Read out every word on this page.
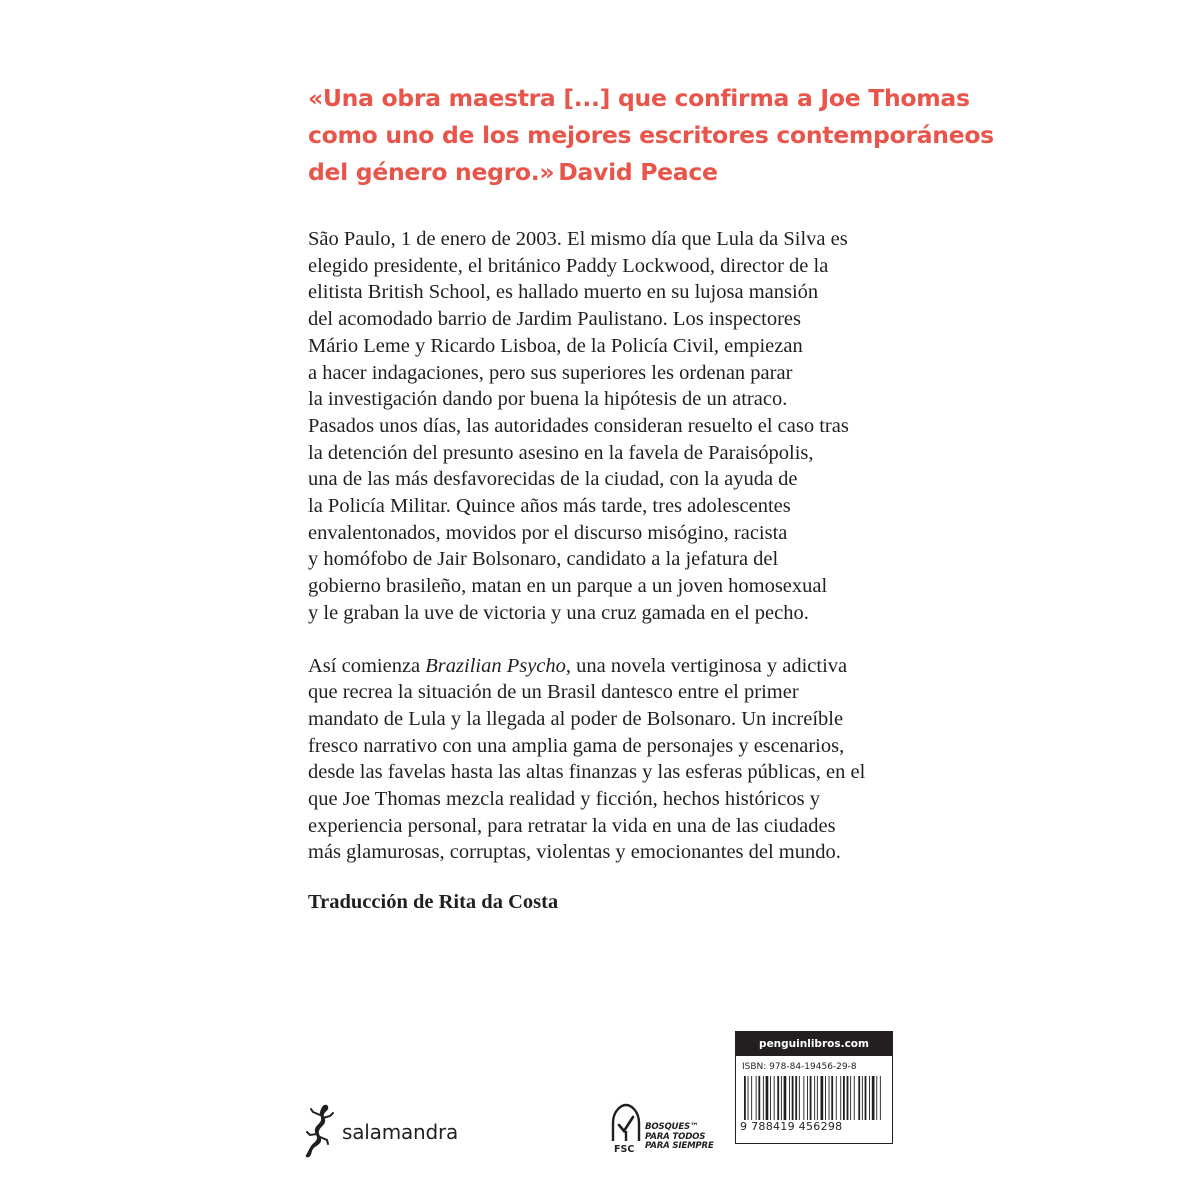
«Una obra maestra [...] que confirma a Joe Thomas
como uno de los mejores escritores contemporáneos
del género negro.» David Peace
São Paulo, 1 de enero de 2003. El mismo día que Lula da Silva es
elegido presidente, el británico Paddy Lockwood, director de la
elitista British School, es hallado muerto en su lujosa mansión
del acomodado barrio de Jardim Paulistano. Los inspectores
Mário Leme y Ricardo Lisboa, de la Policía Civil, empiezan
a hacer indagaciones, pero sus superiores les ordenan parar
la investigación dando por buena la hipótesis de un atraco.
Pasados unos días, las autoridades consideran resuelto el caso tras
la detención del presunto asesino en la favela de Paraisópolis,
una de las más desfavorecidas de la ciudad, con la ayuda de
la Policía Militar. Quince años más tarde, tres adolescentes
envalentonados, movidos por el discurso misógino, racista
y homófobo de Jair Bolsonaro, candidato a la jefatura del
gobierno brasileño, matan en un parque a un joven homosexual
y le graban la uve de victoria y una cruz gamada en el pecho.
Así comienza Brazilian Psycho, una novela vertiginosa y adictiva
que recrea la situación de un Brasil dantesco entre el primer
mandato de Lula y la llegada al poder de Bolsonaro. Un increíble
fresco narrativo con una amplia gama de personajes y escenarios,
desde las favelas hasta las altas finanzas y las esferas públicas, en el
que Joe Thomas mezcla realidad y ficción, hechos históricos y
experiencia personal, para retratar la vida en una de las ciudades
más glamurosas, corruptas, violentas y emocionantes del mundo.
Traducción de Rita da Costa
salamandra
FSC
BOSQUES™
PARA TODOS
PARA SIEMPRE
penguinlibros.com
ISBN: 978-84-19456-29-8
9 788419 456298
